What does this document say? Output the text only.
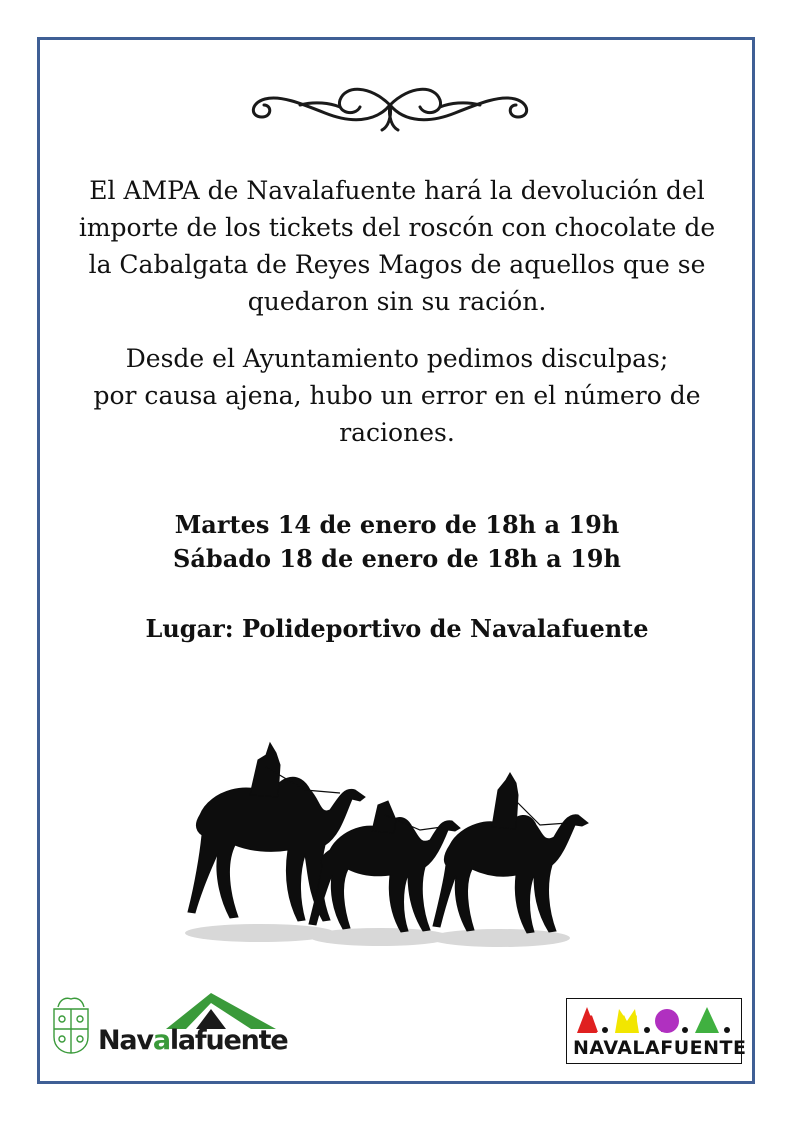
El AMPA de Navalafuente hará la devolución del
importe de los tickets del roscón con chocolate de
la Cabalgata de Reyes Magos de aquellos que se
quedaron sin su ración.
Desde el Ayuntamiento pedimos disculpas;
por causa ajena, hubo un error en el número de
raciones.
Martes 14 de enero de 18h a 19h
Sábado 18 de enero de 18h a 19h
Lugar: Polideportivo de Navalafuente
Navalafuente	A M P A
NAVALAFUENTE
